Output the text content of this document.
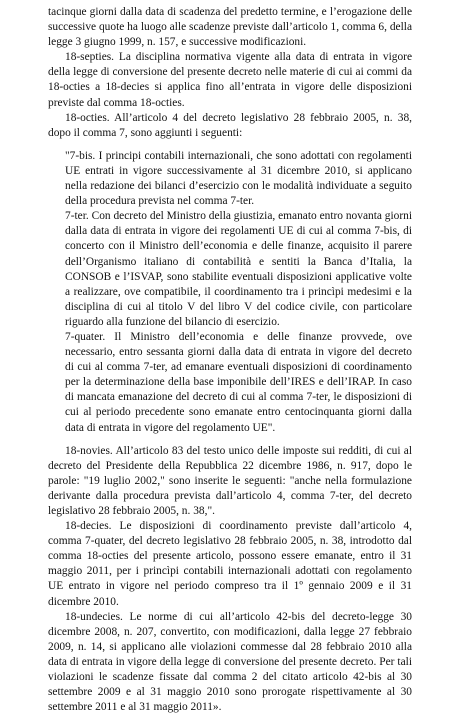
tacinque giorni dalla data di scadenza del predetto termine, e l’erogazione delle successive quote ha luogo alle scadenze previste dall’articolo 1, comma 6, della legge 3 giugno 1999, n. 157, e successive modificazioni.

18-septies. La disciplina normativa vigente alla data di entrata in vigore della legge di conversione del presente decreto nelle materie di cui ai commi da 18-octies a 18-decies si applica fino all’entrata in vigore delle disposizioni previste dal comma 18-octies.

18-octies. All’articolo 4 del decreto legislativo 28 febbraio 2005, n. 38, dopo il comma 7, sono aggiunti i seguenti:

"7-bis. I principi contabili internazionali, che sono adottati con regolamenti UE entrati in vigore successivamente al 31 dicembre 2010, si applicano nella redazione dei bilanci d’esercizio con le modalità individuate a seguito della procedura prevista nel comma 7-ter.

7-ter. Con decreto del Ministro della giustizia, emanato entro novanta giorni dalla data di entrata in vigore dei regolamenti UE di cui al comma 7-bis, di concerto con il Ministro dell’economia e delle finanze, acquisito il parere dell’Organismo italiano di contabilità e sentiti la Banca d’Italia, la CONSOB e l’ISVAP, sono stabilite eventuali disposizioni applicative volte a realizzare, ove compatibile, il coordinamento tra i princìpi medesimi e la disciplina di cui al titolo V del libro V del codice civile, con particolare riguardo alla funzione del bilancio di esercizio.

7-quater. Il Ministro dell’economia e delle finanze provvede, ove necessario, entro sessanta giorni dalla data di entrata in vigore del decreto di cui al comma 7-ter, ad emanare eventuali disposizioni di coordinamento per la determinazione della base imponibile dell’IRES e dell’IRAP. In caso di mancata emanazione del decreto di cui al comma 7-ter, le disposizioni di cui al periodo precedente sono emanate entro centocinquanta giorni dalla data di entrata in vigore del regolamento UE".

18-novies. All’articolo 83 del testo unico delle imposte sui redditi, di cui al decreto del Presidente della Repubblica 22 dicembre 1986, n. 917, dopo le parole: "19 luglio 2002," sono inserite le seguenti: "anche nella formulazione derivante dalla procedura prevista dall’articolo 4, comma 7-ter, del decreto legislativo 28 febbraio 2005, n. 38,".

18-decies. Le disposizioni di coordinamento previste dall’articolo 4, comma 7-quater, del decreto legislativo 28 febbraio 2005, n. 38, introdotto dal comma 18-octies del presente articolo, possono essere emanate, entro il 31 maggio 2011, per i princìpi contabili internazionali adottati con regolamento UE entrato in vigore nel periodo compreso tra il 1º gennaio 2009 e il 31 dicembre 2010.

18-undecies. Le norme di cui all’articolo 42-bis del decreto-legge 30 dicembre 2008, n. 207, convertito, con modificazioni, dalla legge 27 febbraio 2009, n. 14, si applicano alle violazioni commesse dal 28 febbraio 2010 alla data di entrata in vigore della legge di conversione del presente decreto. Per tali violazioni le scadenze fissate dal comma 2 del citato articolo 42-bis al 30 settembre 2009 e al 31 maggio 2010 sono prorogate rispettivamente al 30 settembre 2011 e al 31 maggio 2011».
